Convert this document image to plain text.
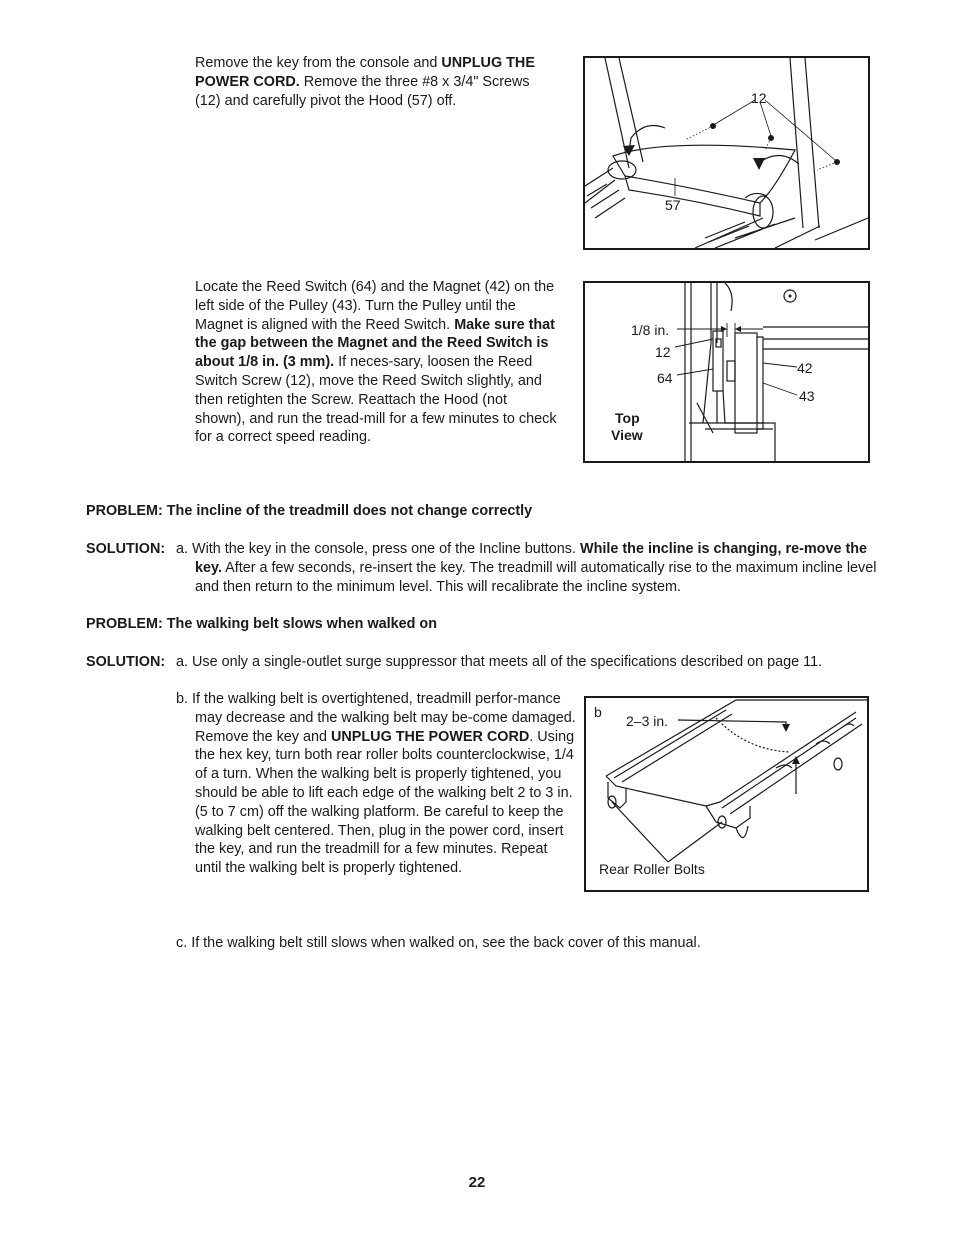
Remove the key from the console and UNPLUG THE POWER CORD. Remove the three #8 x 3/4" Screws (12) and carefully pivot the Hood (57) off.	12
57

Locate the Reed Switch (64) and the Magnet (42) on the left side of the Pulley (43). Turn the Pulley until the Magnet is aligned with the Reed Switch. Make sure that the gap between the Magnet and the Reed Switch is about 1/8 in. (3 mm). If neces-sary, loosen the Reed Switch Screw (12), move the Reed Switch slightly, and then retighten the Screw. Reattach the Hood (not shown), and run the tread-mill for a few minutes to check for a correct speed reading.

1/8 in.
12
64
42
43
Top
View
PROBLEM: The incline of the treadmill does not change correctly
SOLUTION: a. With the key in the console, press one of the Incline buttons. While the incline is changing, re-move the key. After a few seconds, re-insert the key. The treadmill will automatically rise to the maximum incline level and then return to the minimum level. This will recalibrate the incline system.
PROBLEM: The walking belt slows when walked on
SOLUTION: a. Use only a single-outlet surge suppressor that meets all of the specifications described on page 11.

b. If the walking belt is overtightened, treadmill perfor-mance may decrease and the walking belt may be-come damaged. Remove the key and UNPLUG THE POWER CORD. Using the hex key, turn both rear roller bolts counterclockwise, 1/4 of a turn. When the walking belt is properly tightened, you should be able to lift each edge of the walking belt 2 to 3 in. (5 to 7 cm) off the walking platform. Be careful to keep the walking belt centered. Then, plug in the power cord, insert the key, and run the treadmill for a few minutes. Repeat until the walking belt is properly tightened.

b
2–3 in.
Rear Roller Bolts

c. If the walking belt still slows when walked on, see the back cover of this manual.

22
